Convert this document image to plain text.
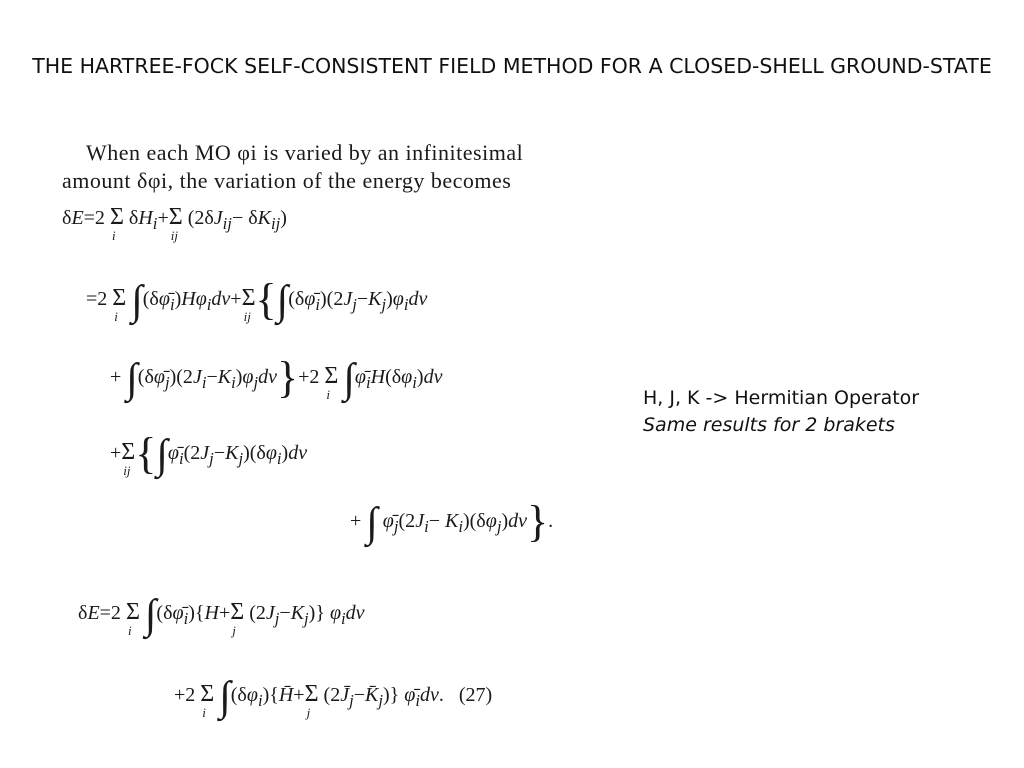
THE HARTREE-FOCK SELF-CONSISTENT FIELD METHOD FOR A CLOSED-SHELL GROUND-STATE
When each MO φi is varied by an infinitesimal
amount δφi, the variation of the energy becomes
δE=2 Σ
i
$\delta H_i+\Sigma$
ij
$(2\delta J_{ij}- \delta K_{ij})$
=2 Σ
i $\int(\delta\varphī_i)H\varphi_idv+\Sigma$
ij {$\int(\delta\varphī_i)(2J_j-K_j)\varphi_idv$
+ $\int(\delta\varphī_j)(2J_i-K_i)\varphi_jdv\}+2$ Σ
i $\int\varphī_iH(\delta\varphi_i)dv$
+Σ
ij {$\int\varphī_i(2J_j-K_j)(\delta\varphi_i)dv$
+ ∫ $\varphī_j(2J_i- K_i)(\delta\varphi_j)dv$}.
δE=2 Σ
i $\int(\delta\varphī_i)\{H+\Sigma$
j
$(2J_j-K_j)$} $\varphi_idv$
+2 Σ
i $\int(\delta\varphi_i)\{H̄+\Sigma$
j
$(2J̄_j-K̄_j)$} $\varphī_idv$.   (27)
H, J, K -> Hermitian Operator
Same results for 2 brakets
